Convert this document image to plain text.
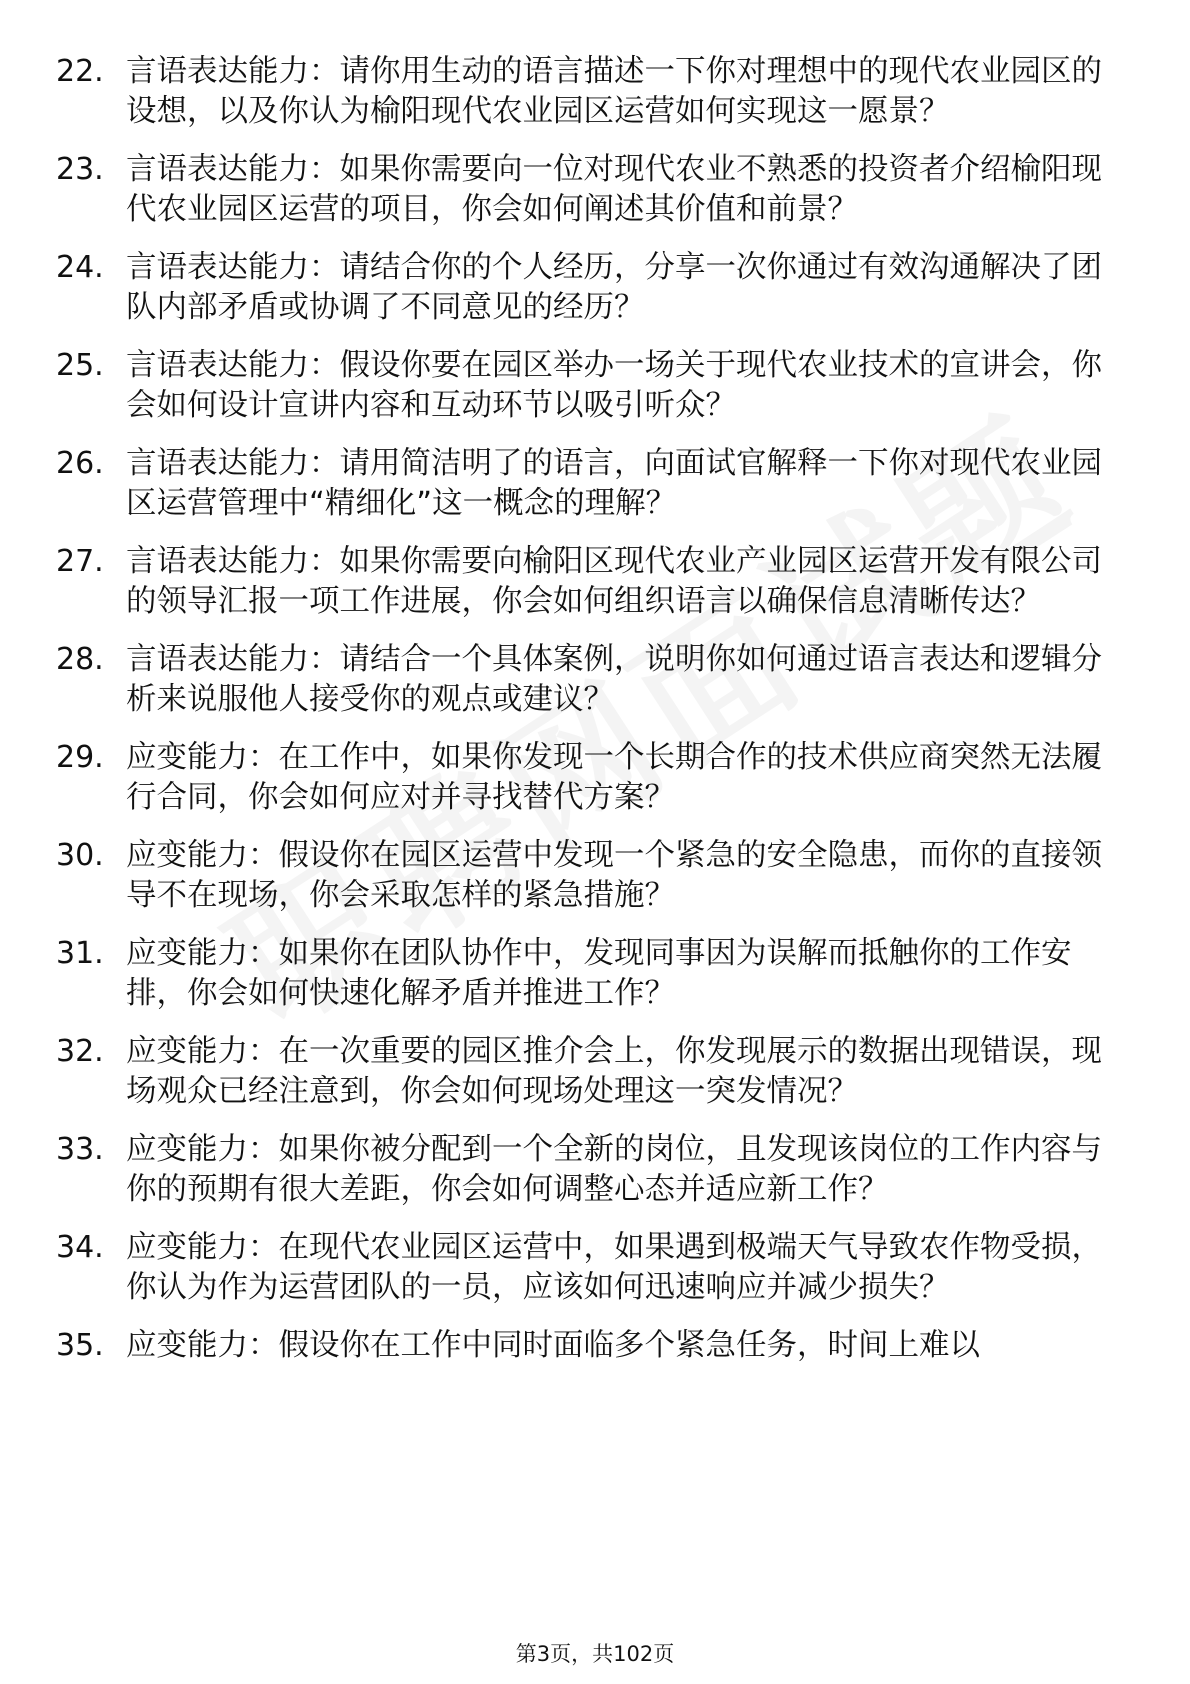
22. 言语表达能力：请你用生动的语言描述一下你对理想中的现代农业园区的设想，以及你认为榆阳现代农业园区运营如何实现这一愿景？
23. 言语表达能力：如果你需要向一位对现代农业不熟悉的投资者介绍榆阳现代农业园区运营的项目，你会如何阐述其价值和前景？
24. 言语表达能力：请结合你的个人经历，分享一次你通过有效沟通解决了团队内部矛盾或协调了不同意见的经历？
25. 言语表达能力：假设你要在园区举办一场关于现代农业技术的宣讲会，你会如何设计宣讲内容和互动环节以吸引听众？
26. 言语表达能力：请用简洁明了的语言，向面试官解释一下你对现代农业园区运营管理中“精细化”这一概念的理解？
27. 言语表达能力：如果你需要向榆阳区现代农业产业园区运营开发有限公司的领导汇报一项工作进展，你会如何组织语言以确保信息清晰传达？
28. 言语表达能力：请结合一个具体案例，说明你如何通过语言表达和逻辑分析来说服他人接受你的观点或建议？
29. 应变能力：在工作中，如果你发现一个长期合作的技术供应商突然无法履行合同，你会如何应对并寻找替代方案？
30. 应变能力：假设你在园区运营中发现一个紧急的安全隐患，而你的直接领导不在现场，你会采取怎样的紧急措施？
31. 应变能力：如果你在团队协作中，发现同事因为误解而抵触你的工作安排，你会如何快速化解矛盾并推进工作？
32. 应变能力：在一次重要的园区推介会上，你发现展示的数据出现错误，现场观众已经注意到，你会如何现场处理这一突发情况？
33. 应变能力：如果你被分配到一个全新的岗位，且发现该岗位的工作内容与你的预期有很大差距，你会如何调整心态并适应新工作？
34. 应变能力：在现代农业园区运营中，如果遇到极端天气导致农作物受损，你认为作为运营团队的一员，应该如何迅速响应并减少损失？
35. 应变能力：假设你在工作中同时面临多个紧急任务，时间上难以
第3页，共102页
